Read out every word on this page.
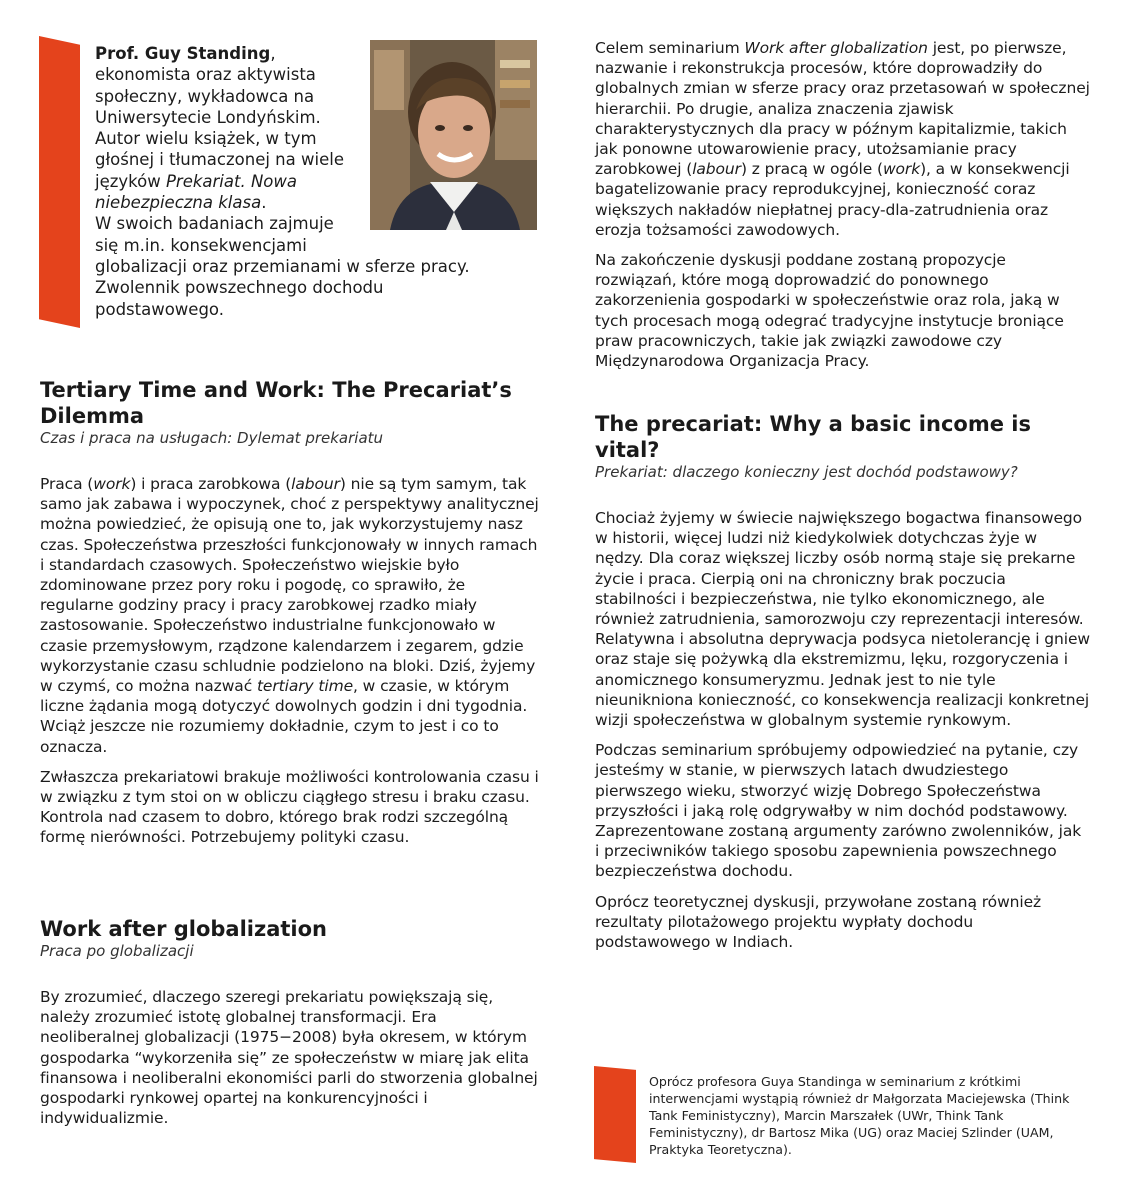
Prof. Guy Standing,
ekonomista oraz aktywista
społeczny, wykładowca na
Uniwersytecie Londyńskim.
Autor wielu książek, w tym
głośnej i tłumaczonej na wiele
języków Prekariat. Nowa
niebezpieczna klasa.
W swoich badaniach zajmuje
się m.in. konsekwencjami
globalizacji oraz przemianami w sferze pracy.
Zwolennik powszechnego dochodu
podstawowego.
Tertiary Time and Work: The Precariat’s
Dilemma
Czas i praca na usługach: Dylemat prekariatu

Praca (work) i praca zarobkowa (labour) nie są tym samym, tak samo jak zabawa i wypoczynek, choć z perspektywy analitycznej można powiedzieć, że opisują one to, jak wykorzystujemy nasz czas. Społeczeństwa przeszłości funkcjonowały w innych ramach i standardach czasowych. Społeczeństwo wiejskie było zdominowane przez pory roku i pogodę, co sprawiło, że regularne godziny pracy i pracy zarobkowej rzadko miały zastosowanie. Społeczeństwo industrialne funkcjonowało w czasie przemysłowym, rządzone kalendarzem i zegarem, gdzie wykorzystanie czasu schludnie podzielono na bloki. Dziś, żyjemy w czymś, co można nazwać tertiary time, w czasie, w którym liczne żądania mogą dotyczyć dowolnych godzin i dni tygodnia. Wciąż jeszcze nie rozumiemy dokładnie, czym to jest i co to oznacza.

Zwłaszcza prekariatowi brakuje możliwości kontrolowania czasu i w związku z tym stoi on w obliczu ciągłego stresu i braku czasu. Kontrola nad czasem to dobro, którego brak rodzi szczególną formę nierówności. Potrzebujemy polityki czasu.

Work after globalization
Praca po globalizacji

By zrozumieć, dlaczego szeregi prekariatu powiększają się, należy zrozumieć istotę globalnej transformacji. Era neoliberalnej globalizacji (1975−2008) była okresem, w którym gospodarka “wykorzeniła się” ze społeczeństw w miarę jak elita finansowa i neoliberalni ekonomiści parli do stworzenia globalnej gospodarki rynkowej opartej na konkurencyjności i indywidualizmie.

Celem seminarium Work after globalization jest, po pierwsze, nazwanie i rekonstrukcja procesów, które doprowadziły do globalnych zmian w sferze pracy oraz przetasowań w społecznej hierarchii. Po drugie, analiza znaczenia zjawisk charakterystycznych dla pracy w późnym kapitalizmie, takich jak ponowne utowarowienie pracy, utożsamianie pracy zarobkowej (labour) z pracą w ogóle (work), a w konsekwencji bagatelizowanie pracy reprodukcyjnej, konieczność coraz większych nakładów niepłatnej pracy-dla-zatrudnienia oraz erozja tożsamości zawodowych.

Na zakończenie dyskusji poddane zostaną propozycje rozwiązań, które mogą doprowadzić do ponownego zakorzenienia gospodarki w społeczeństwie oraz rola, jaką w tych procesach mogą odegrać tradycyjne instytucje broniące praw pracowniczych, takie jak związki zawodowe czy Międzynarodowa Organizacja Pracy.

The precariat: Why a basic income is vital?
Prekariat: dlaczego konieczny jest dochód podstawowy?

Chociaż żyjemy w świecie największego bogactwa finansowego w historii, więcej ludzi niż kiedykolwiek dotychczas żyje w nędzy. Dla coraz większej liczby osób normą staje się prekarne życie i praca. Cierpią oni na chroniczny brak poczucia stabilności i bezpieczeństwa, nie tylko ekonomicznego, ale również zatrudnienia, samorozwoju czy reprezentacji interesów. Relatywna i absolutna deprywacja podsyca nietolerancję i gniew oraz staje się pożywką dla ekstremizmu, lęku, rozgoryczenia i anomicznego konsumeryzmu. Jednak jest to nie tyle nieunikniona konieczność, co konsekwencja realizacji konkretnej wizji społeczeństwa w globalnym systemie rynkowym.

Podczas seminarium spróbujemy odpowiedzieć na pytanie, czy jesteśmy w stanie, w pierwszych latach dwudziestego pierwszego wieku, stworzyć wizję Dobrego Społeczeństwa przyszłości i jaką rolę odgrywałby w nim dochód podstawowy. Zaprezentowane zostaną argumenty zarówno zwolenników, jak i przeciwników takiego sposobu zapewnienia powszechnego bezpieczeństwa dochodu.

Oprócz teoretycznej dyskusji, przywołane zostaną również rezultaty pilotażowego projektu wypłaty dochodu podstawowego w Indiach.

Oprócz profesora Guya Standinga w seminarium z krótkimi interwencjami wystąpią również dr Małgorzata Maciejewska (Think Tank Feministyczny), Marcin Marszałek (UWr, Think Tank Feministyczny), dr Bartosz Mika (UG) oraz Maciej Szlinder (UAM, Praktyka Teoretyczna).
